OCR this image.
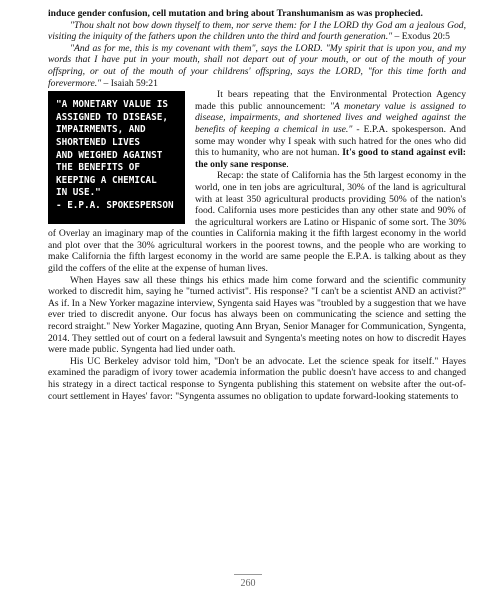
induce gender confusion, cell mutation and bring about Transhumanism as was prophecied.

"Thou shalt not bow down thyself to them, nor serve them: for I the LORD thy God am a jealous God, visiting the iniquity of the fathers upon the children unto the third and fourth generation." – Exodus 20:5

"And as for me, this is my covenant with them", says the LORD. "My spirit that is upon you, and my words that I have put in your mouth, shall not depart out of your mouth, or out of the mouth of your offspring, or out of the mouth of your childrens' offspring, says the LORD, "for this time forth and forevermore." – Isaiah 59:21

"A MONETARY VALUE IS
ASSIGNED TO DISEASE,
IMPAIRMENTS, AND
SHORTENED LIVES
AND WEIGHED AGAINST
THE BENEFITS OF
KEEPING A CHEMICAL
IN USE."
- E.P.A. SPOKESPERSON

It bears repeating that the Environmental Protection Agency made this public announcement: "A monetary value is assigned to disease, impairments, and shortened lives and weighed against the benefits of keeping a chemical in use." - E.P.A. spokesperson. And some may wonder why I speak with such hatred for the ones who did this to humanity, who are not human. It's good to stand against evil: the only sane response.

Recap: the state of California has the 5th largest economy in the world, one in ten jobs are agricultural, 30% of the land is agricultural with at least 350 agricultural products providing 50% of the nation's food. California uses more pesticides than any other state and 90% of the agricultural workers are Latino or Hispanic of some sort. The 30% of Overlay an imaginary map of the counties in California making it the fifth largest economy in the world and plot over that the 30% agricultural workers in the poorest towns, and the people who are working to make California the fifth largest economy in the world are same people the E.P.A. is talking about as they gild the coffers of the elite at the expense of human lives.

When Hayes saw all these things his ethics made him come forward and the scientific community worked to discredit him, saying he "turned activist". His response? "I can't be a scientist AND an activist?" As if. In a New Yorker magazine interview, Syngenta said Hayes was "troubled by a suggestion that we have ever tried to discredit anyone. Our focus has always been on communicating the science and setting the record straight." New Yorker Magazine, quoting Ann Bryan, Senior Manager for Communication, Syngenta, 2014. They settled out of court on a federal lawsuit and Syngenta's meeting notes on how to discredit Hayes were made public. Syngenta had lied under oath.

His UC Berkeley advisor told him, "Don't be an advocate. Let the science speak for itself." Hayes examined the paradigm of ivory tower academia information the public doesn't have access to and changed his strategy in a direct tactical response to Syngenta publishing this statement on website after the out-of-court settlement in Hayes' favor: "Syngenta assumes no obligation to update forward-looking statements to

260
